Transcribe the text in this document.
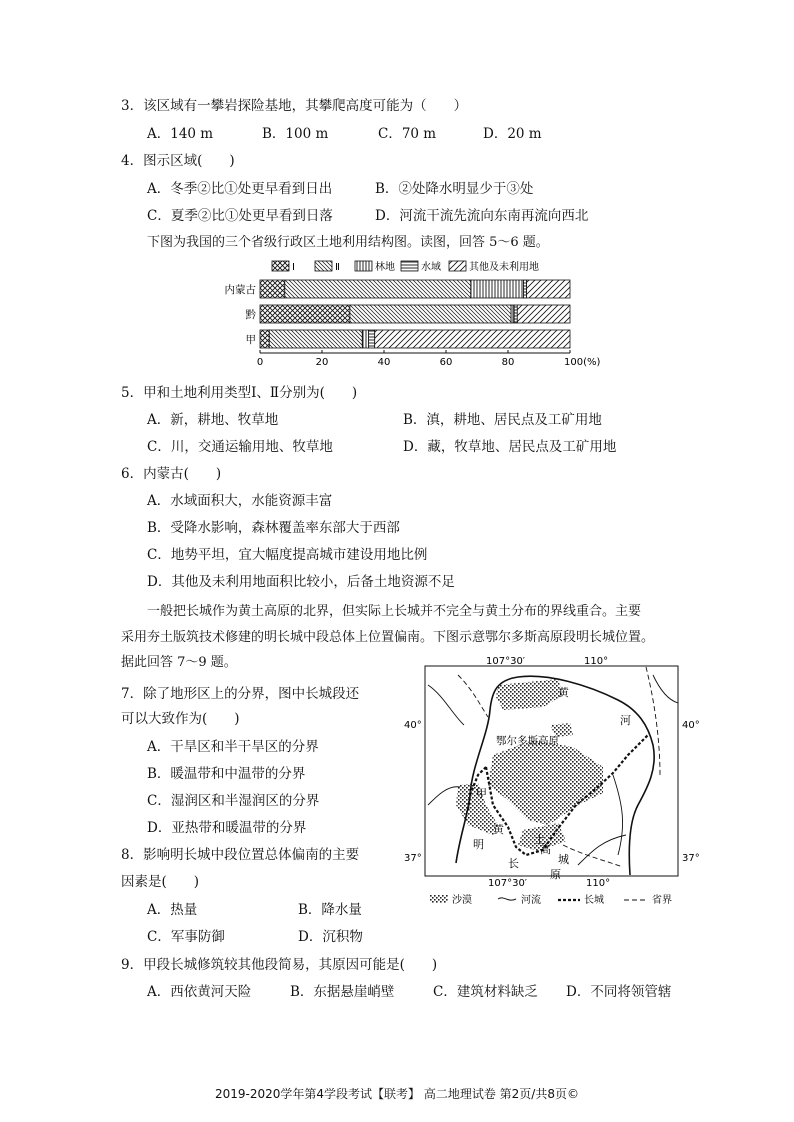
3．该区域有一攀岩探险基地，其攀爬高度可能为（　　）
A．140 m	B．100 m	C．70 m	D．20 m
4．图示区域(　　)
A．冬季②比①处更早看到日出	B．②处降水明显少于③处
C．夏季②比①处更早看到日落	D．河流干流先流向东南再流向西北
下图为我国的三个省级行政区土地利用结构图。读图，回答 5～6 题。
Ⅰ	Ⅱ	林地	水域	其他及未利用地
内蒙古
黔
甲
0	20	40	60	80	100(%)
5．甲和土地利用类型Ⅰ、Ⅱ分别为(　　)
A．新，耕地、牧草地	B．滇，耕地、居民点及工矿用地
C．川，交通运输用地、牧草地	D．藏，牧草地、居民点及工矿用地
6．内蒙古(　　)
A．水域面积大，水能资源丰富
B．受降水影响，森林覆盖率东部大于西部
C．地势平坦，宜大幅度提高城市建设用地比例
D．其他及未利用地面积比较小，后备土地资源不足
一般把长城作为黄土高原的北界，但实际上长城并不完全与黄土分布的界线重合。主要
采用夯土版筑技术修建的明长城中段总体上位置偏南。下图示意鄂尔多斯高原段明长城位置。
据此回答 7～9 题。
7．除了地形区上的分界，图中长城段还
可以大致作为(　　)
A．干旱区和半干旱区的分界
B．暖温带和中温带的分界
C．湿润区和半湿润区的分界
D．亚热带和暖温带的分界
8．影响明长城中段位置总体偏南的主要
因素是(　　)
A．热量	B．降水量
C．军事防御	D．沉积物
9．甲段长城修筑较其他段简易，其原因可能是(　　)
A．西依黄河天险	B．东据悬崖峭壁	C．建筑材料缺乏 D．不同将领管辖
107°30′	110°
40°	40°
37°	37°
107°30′	110°
黄
河
鄂尔多斯高原
甲
黄
土
高
城
明
长
原
沙漠	河流	长城	省界
2019-2020学年第4学段考试【联考】 高二地理试卷 第2页/共8页©
